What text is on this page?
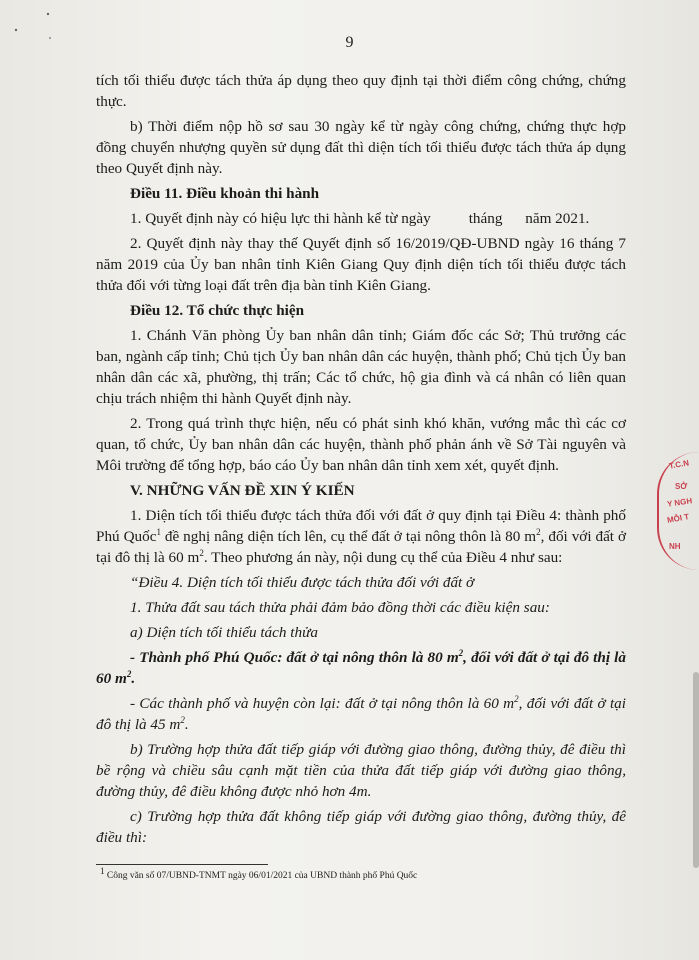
9

tích tối thiểu được tách thửa áp dụng theo quy định tại thời điểm công chứng, chứng thực.

b) Thời điểm nộp hồ sơ sau 30 ngày kể từ ngày công chứng, chứng thực hợp đồng chuyển nhượng quyền sử dụng đất thì diện tích tối thiểu được tách thửa áp dụng theo Quyết định này.

Điều 11. Điều khoản thi hành

1. Quyết định này có hiệu lực thi hành kể từ ngày          tháng      năm 2021.

2. Quyết định này thay thế Quyết định số 16/2019/QĐ-UBND ngày 16 tháng 7 năm 2019 của Ủy ban nhân tỉnh Kiên Giang Quy định diện tích tối thiểu được tách thửa đối với từng loại đất trên địa bàn tỉnh Kiên Giang.

Điều 12. Tổ chức thực hiện

1. Chánh Văn phòng Ủy ban nhân dân tỉnh; Giám đốc các Sở; Thủ trưởng các ban, ngành cấp tỉnh; Chủ tịch Ủy ban nhân dân các huyện, thành phố; Chủ tịch Ủy ban nhân dân các xã, phường, thị trấn; Các tổ chức, hộ gia đình và cá nhân có liên quan chịu trách nhiệm thi hành Quyết định này.

2. Trong quá trình thực hiện, nếu có phát sinh khó khăn, vướng mắc thì các cơ quan, tổ chức, Ủy ban nhân dân các huyện, thành phố phản ánh về Sở Tài nguyên và Môi trường để tổng hợp, báo cáo Ủy ban nhân dân tỉnh xem xét, quyết định.

V. NHỮNG VẤN ĐỀ XIN Ý KIẾN

1. Diện tích tối thiểu được tách thửa đối với đất ở quy định tại Điều 4: thành phố Phú Quốc$^1$ đề nghị nâng diện tích lên, cụ thể đất ở tại nông thôn là 80 $m^2$, đối với đất ở tại đô thị là 60 $m^2$. Theo phương án này, nội dung cụ thể của Điều 4 như sau:

“Điều 4. Diện tích tối thiểu được tách thửa đối với đất ở

1. Thửa đất sau tách thửa phải đảm bảo đồng thời các điều kiện sau:

a) Diện tích tối thiểu tách thửa

- Thành phố Phú Quốc: đất ở tại nông thôn là 80 $m^2$, đối với đất ở tại đô thị là 60 $m^2$.

- Các thành phố và huyện còn lại: đất ở tại nông thôn là 60 $m^2$, đối với đất ở tại đô thị là 45 $m^2$.

b) Trường hợp thửa đất tiếp giáp với đường giao thông, đường thủy, đê điều thì bề rộng và chiều sâu cạnh mặt tiền của thửa đất tiếp giáp với đường giao thông, đường thủy, đê điều không được nhỏ hơn 4m.

c) Trường hợp thửa đất không tiếp giáp với đường giao thông, đường thủy, đê điều thì:

$^1$ Công văn số 07/UBND-TNMT ngày 06/01/2021 của UBND thành phố Phú Quốc
T.C.N
SỞ
Y NGH
MỖI T
NH
